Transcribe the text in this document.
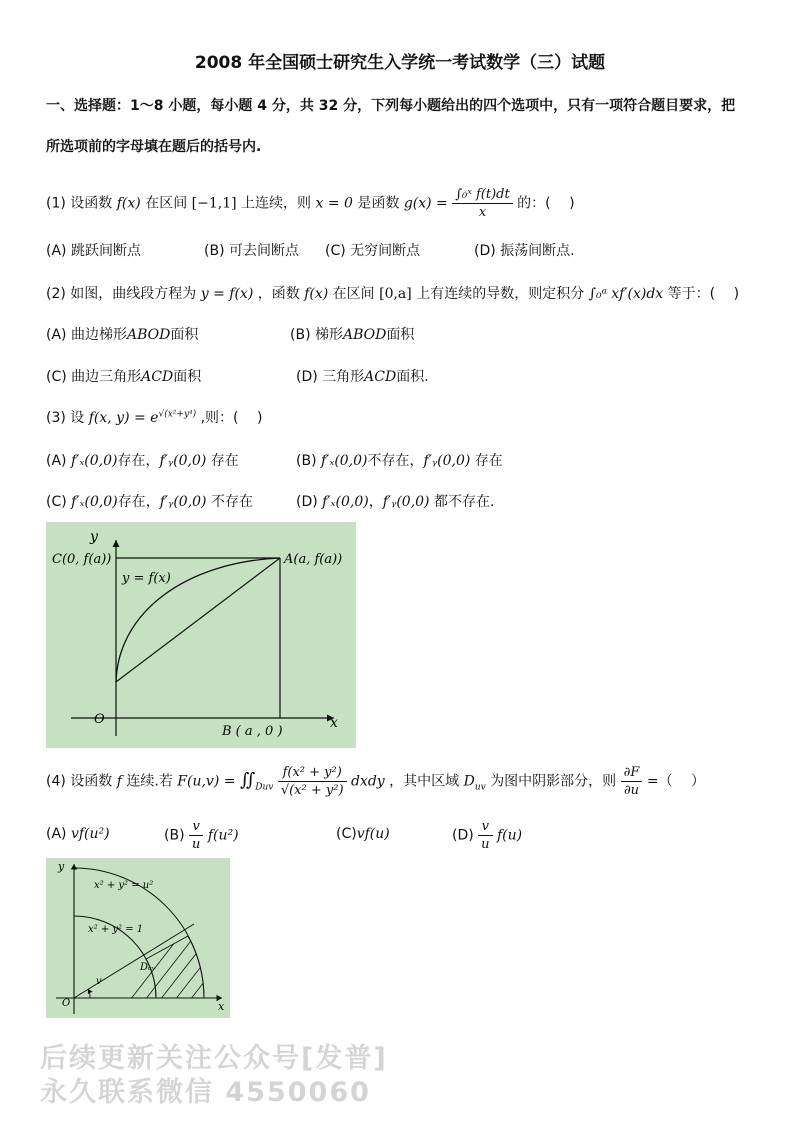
2008 年全国硕士研究生入学统一考试数学（三）试题
一、选择题：1～8 小题，每小题 4 分，共 32 分，下列每小题给出的四个选项中，只有一项符合题目要求，把
所选项前的字母填在题后的括号内.
(1) 设函数 f(x) 在区间 [−1,1] 上连续，则 x = 0 是函数 $g(x) = \frac{\text{∫₀ˣ f(t)dt}}{x}$ 的：(　 )
(A) 跳跃间断点	(B) 可去间断点 (C) 无穷间断点	(D) 振荡间断点.
(2) 如图，曲线段方程为 y = f(x) ，函数 f(x) 在区间 [0,a] 上有连续的导数，则定积分 ∫₀ᵃ xf′(x)dx 等于：(　 )
(A) 曲边梯形ABOD面积	(B) 梯形ABOD面积
(C) 曲边三角形ACD面积	(D) 三角形ACD面积.
(3) 设 f(x, $y) = e^{√(x^2+y^4)}$ ,则：(　 )
(A) f′ₓ(0,0)存在，f′ᵧ(0,0) 存在	(B) f′ₓ(0,0)不存在，f′ᵧ(0,0) 存在
(C) f′ₓ(0,0)存在，f′ᵧ(0,0) 不存在	(D) f′ₓ(0,0)，f′ᵧ(0,0) 都不存在.
y
x
O
C(0, f(a))	A(a, f(a))
y = f(x)
B ( a , 0 )
(4) 设函数 f 连续.若 $F(u,v) = ∬_{Duv} \frac{\text{f(x² + y²)}}{\text{√(x² + y²)}}$ dxdy ，其中区域 $D_{uv}$ 为图中阴影部分，则 $\frac{\partial F}{\partial u}$ =（　 ）
(A) vf(u²)	$(B) \frac{v}{u} f(u^2)$	(C)vf(u)	$(D) \frac{v}{u} f(u)$
y
x
O
x² + y² = u²
x² + y² = 1
Dᵤᵥ
v
后续更新关注公众号[发普]
永久联系微信 4550060
